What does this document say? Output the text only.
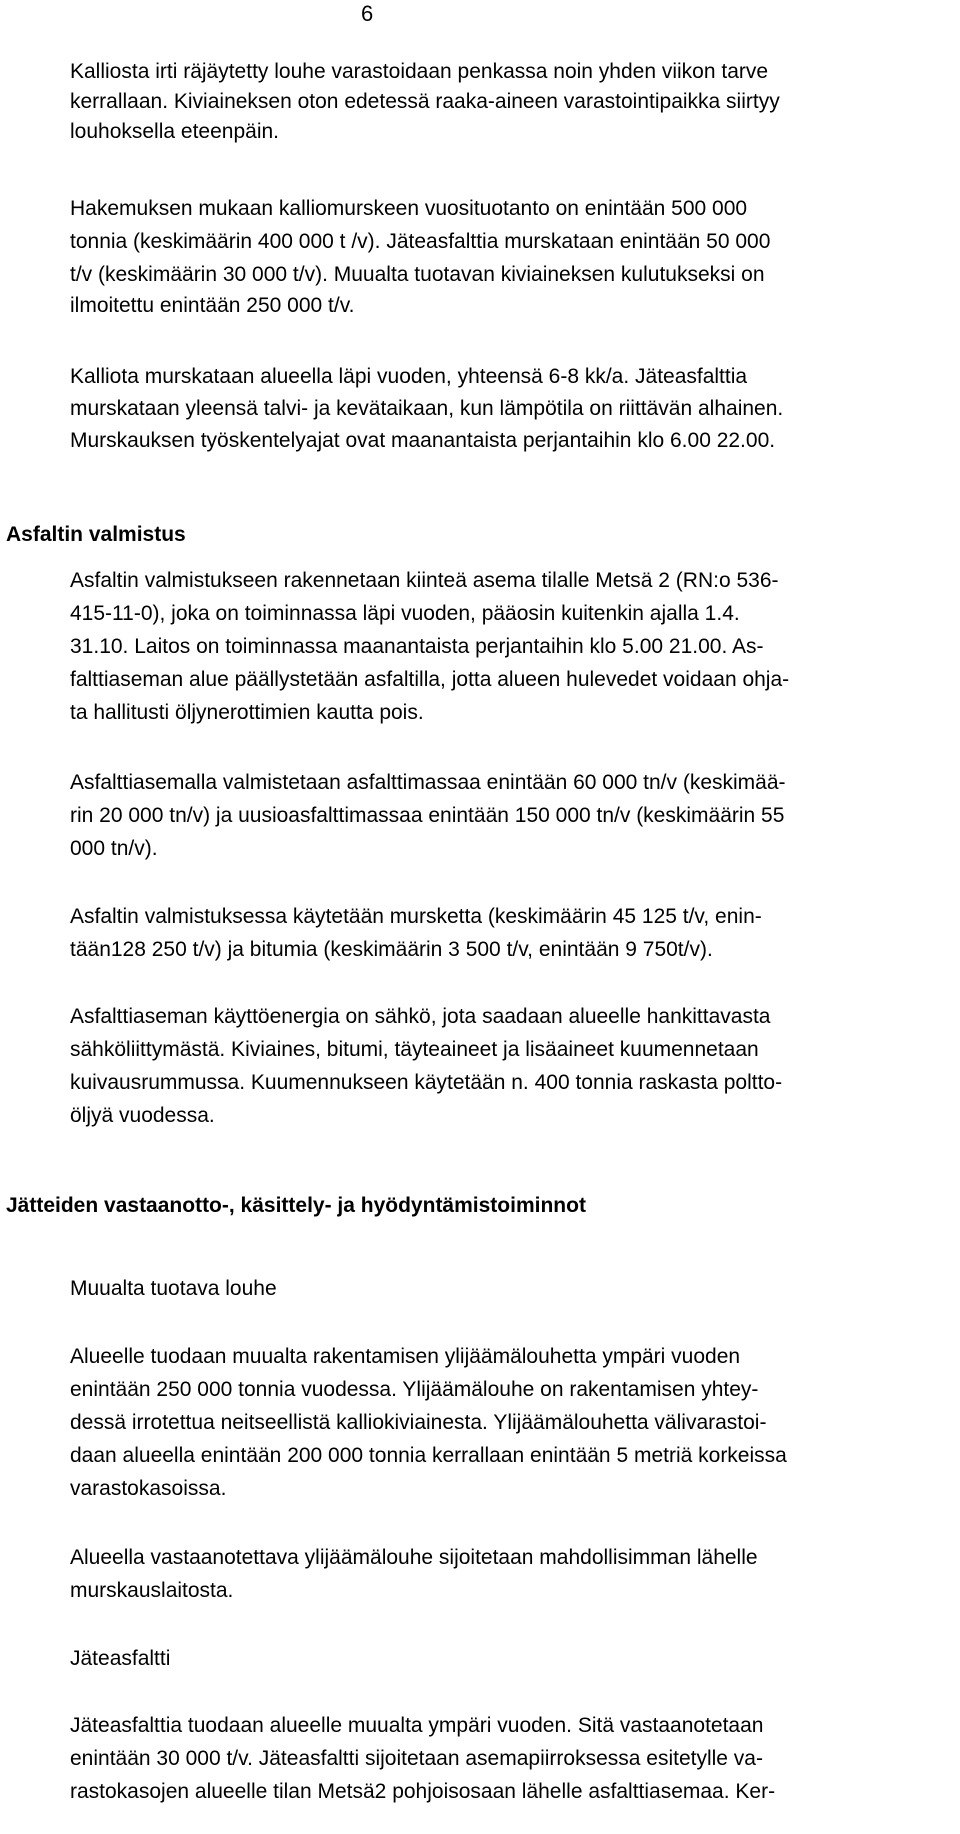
6
Kalliosta irti räjäytetty louhe varastoidaan penkassa noin yhden viikon tarve
kerrallaan. Kiviaineksen oton edetessä raaka-aineen varastointipaikka siirtyy
louhoksella eteenpäin.
Hakemuksen mukaan kalliomurskeen vuosituotanto on enintään 500 000
tonnia (keskimäärin 400 000 t /v). Jäteasfalttia murskataan enintään 50 000
t/v (keskimäärin 30 000 t/v). Muualta tuotavan kiviaineksen kulutukseksi on
ilmoitettu enintään 250 000 t/v.
Kalliota murskataan alueella läpi vuoden, yhteensä 6-8 kk/a. Jäteasfalttia
murskataan yleensä talvi- ja kevätaikaan, kun lämpötila on riittävän alhainen.
Murskauksen työskentelyajat ovat maanantaista perjantaihin klo 6.00 22.00.
Asfaltin valmistus
Asfaltin valmistukseen rakennetaan kiinteä asema tilalle Metsä 2 (RN:o 536-
415-11-0), joka on toiminnassa läpi vuoden, pääosin kuitenkin ajalla 1.4.
31.10. Laitos on toiminnassa maanantaista perjantaihin klo 5.00 21.00. As-
falttiaseman alue päällystetään asfaltilla, jotta alueen hulevedet voidaan ohja-
ta hallitusti öljynerottimien kautta pois.
Asfalttiasemalla valmistetaan asfalttimassaa enintään 60 000 tn/v (keskimää-
rin 20 000 tn/v) ja uusioasfalttimassaa enintään 150 000 tn/v (keskimäärin 55
000 tn/v).
Asfaltin valmistuksessa käytetään mursketta (keskimäärin 45 125 t/v, enin-
tään128 250 t/v) ja bitumia (keskimäärin 3 500 t/v, enintään 9 750t/v).
Asfalttiaseman käyttöenergia on sähkö, jota saadaan alueelle hankittavasta
sähköliittymästä. Kiviaines, bitumi, täyteaineet ja lisäaineet kuumennetaan
kuivausrummussa. Kuumennukseen käytetään n. 400 tonnia raskasta poltto-
öljyä vuodessa.
Jätteiden vastaanotto-, käsittely- ja hyödyntämistoiminnot
Muualta tuotava louhe
Alueelle tuodaan muualta rakentamisen ylijäämälouhetta ympäri vuoden
enintään 250 000 tonnia vuodessa. Ylijäämälouhe on rakentamisen yhtey-
dessä irrotettua neitseellistä kalliokiviainesta. Ylijäämälouhetta välivarastoi-
daan alueella enintään 200 000 tonnia kerrallaan enintään 5 metriä korkeissa
varastokasoissa.
Alueella vastaanotettava ylijäämälouhe sijoitetaan mahdollisimman lähelle
murskauslaitosta.
Jäteasfaltti
Jäteasfalttia tuodaan alueelle muualta ympäri vuoden. Sitä vastaanotetaan
enintään 30 000 t/v. Jäteasfaltti sijoitetaan asemapiirroksessa esitetylle va-
rastokasojen alueelle tilan Metsä2 pohjoisosaan lähelle asfalttiasemaa. Ker-
